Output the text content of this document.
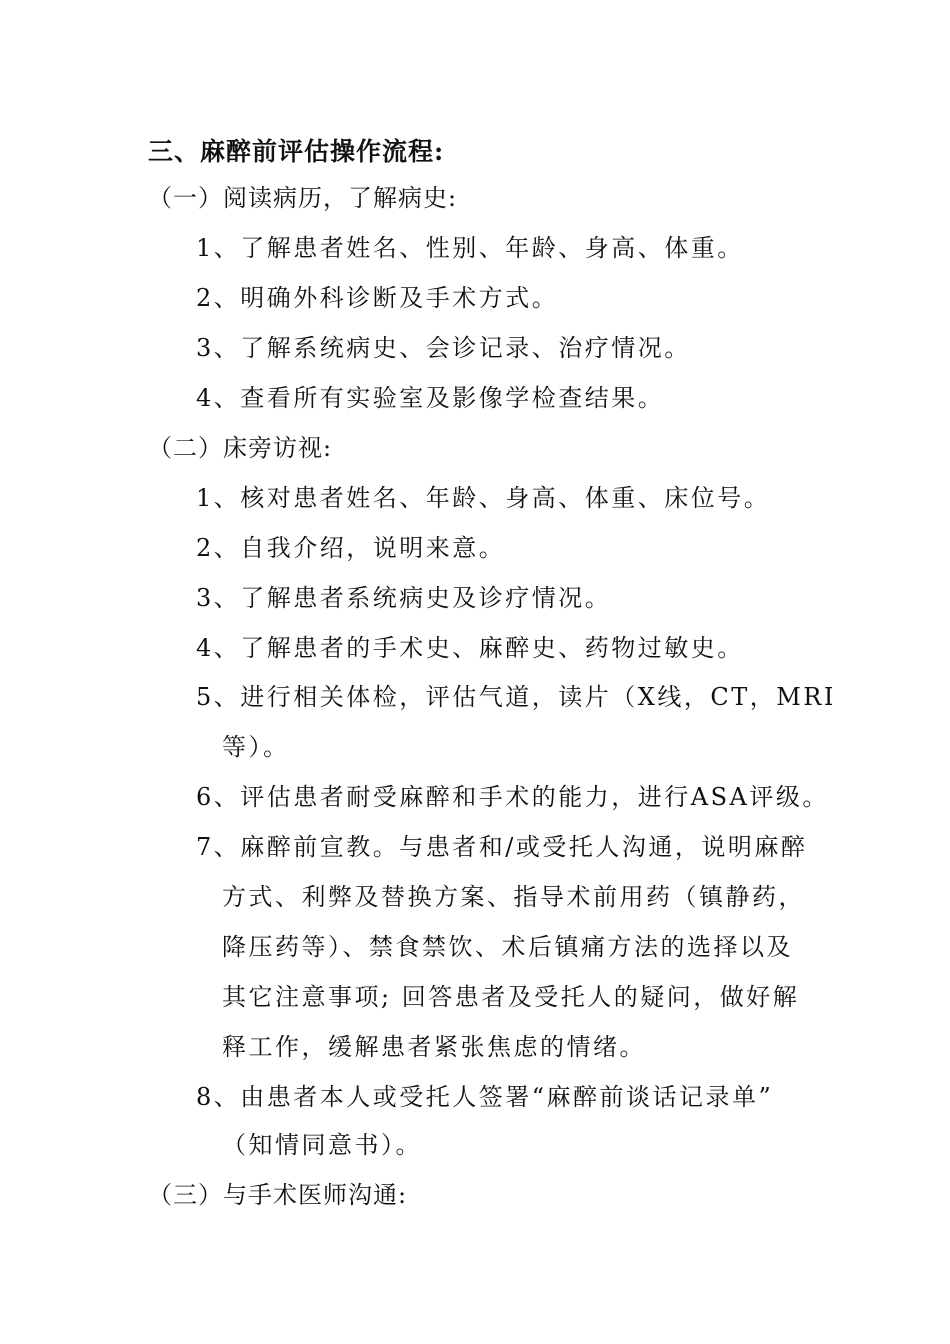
三、麻醉前评估操作流程:
（一）阅读病历，了解病史:
1、了解患者姓名、性别、年龄、身高、体重。
2、明确外科诊断及手术方式。
3、了解系统病史、会诊记录、治疗情况。
4、查看所有实验室及影像学检查结果。
（二）床旁访视:
1、核对患者姓名、年龄、身高、体重、床位号。
2、自我介绍，说明来意。
3、了解患者系统病史及诊疗情况。
4、了解患者的手术史、麻醉史、药物过敏史。
5、进行相关体检，评估气道，读片（X线，CT，MRI
等）。
6、评估患者耐受麻醉和手术的能力，进行ASA评级。
7、麻醉前宣教。与患者和/或受托人沟通，说明麻醉
方式、利弊及替换方案、指导术前用药（镇静药，
降压药等）、禁食禁饮、术后镇痛方法的选择以及
其它注意事项; 回答患者及受托人的疑问，做好解
释工作，缓解患者紧张焦虑的情绪。
8、由患者本人或受托人签署“麻醉前谈话记录单”
（知情同意书）。
（三）与手术医师沟通:
